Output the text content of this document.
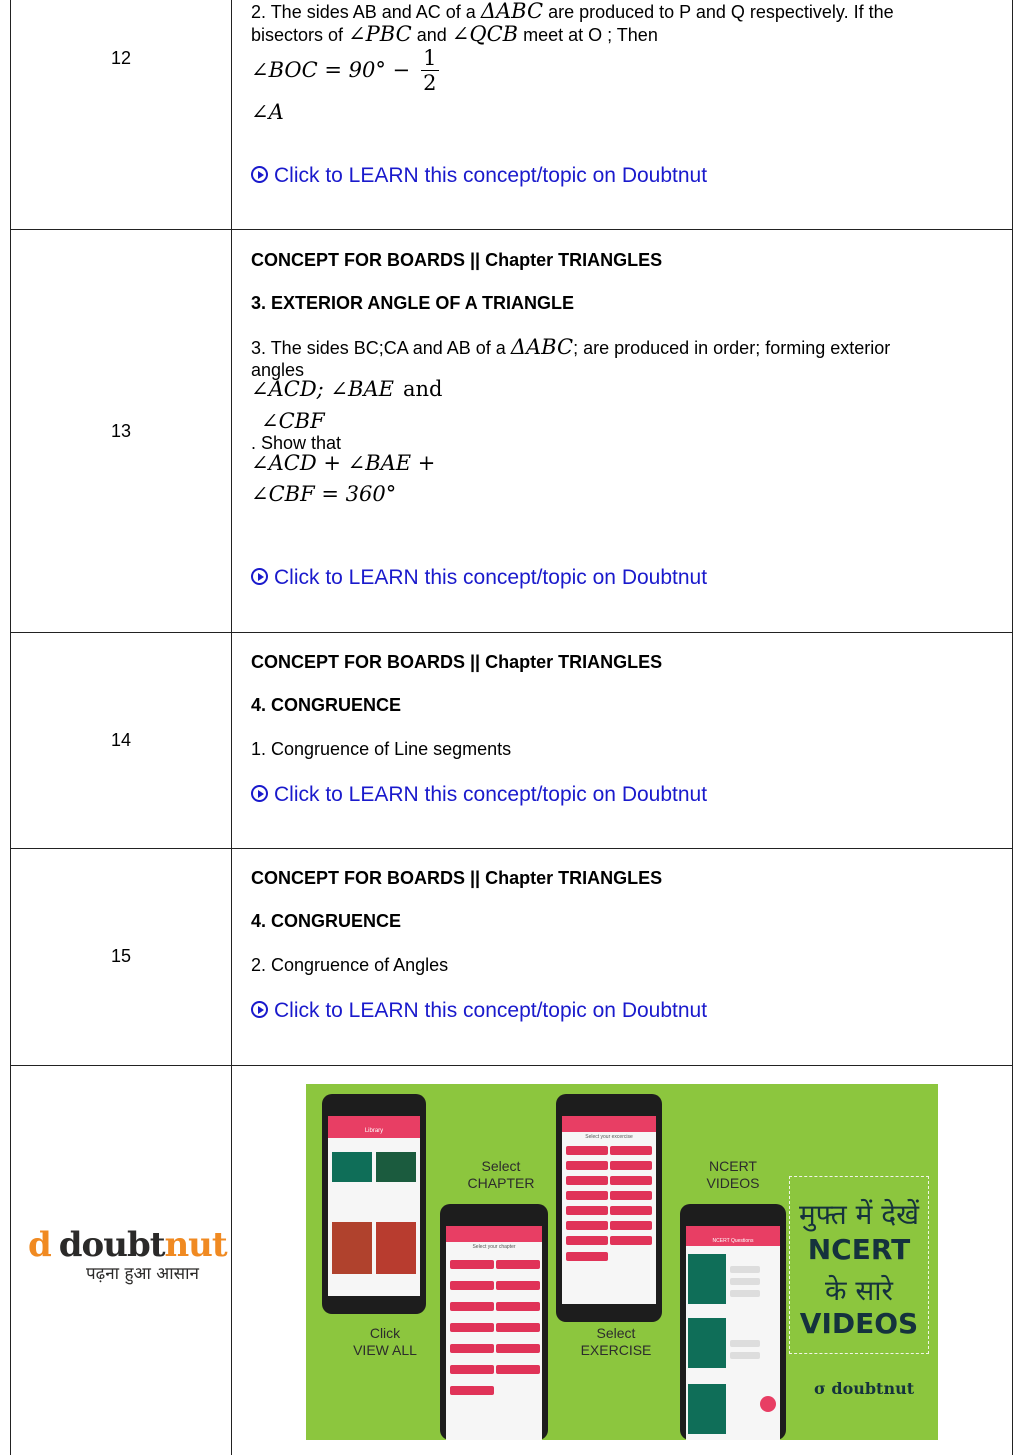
12
2. The sides AB and AC of a ΔABC are produced to P and Q respectively. If the
bisectors of ∠PBC and ∠QCB meet at O ; Then
∠BOC = $90^\circ - \frac{1}{2}$
∠A
Click to LEARN this concept/topic on Doubtnut
13
CONCEPT FOR BOARDS || Chapter TRIANGLES
3. EXTERIOR ANGLE OF A TRIANGLE
3. The sides BC;CA and AB of a ΔABC; are produced in order; forming exterior
angles
∠ACD; ∠BAE and
∠CBF
. Show that
∠ACD + ∠BAE +
∠CBF = 360°
Click to LEARN this concept/topic on Doubtnut
14
CONCEPT FOR BOARDS || Chapter TRIANGLES
4. CONGRUENCE
1. Congruence of Line segments
Click to LEARN this concept/topic on Doubtnut
15
CONCEPT FOR BOARDS || Chapter TRIANGLES
4. CONGRUENCE
2. Congruence of Angles
Click to LEARN this concept/topic on Doubtnut
d doubtnut
पढ़ना हुआ आसान
Library
Click
VIEW ALL
Select
CHAPTER
Select your chapter
Select your excercise
Select
EXERCISE
NCERT
VIDEOS
NCERT Questions
मुफ्त में देखें
NCERT
के सारे
VIDEOS
σ doubtnut
